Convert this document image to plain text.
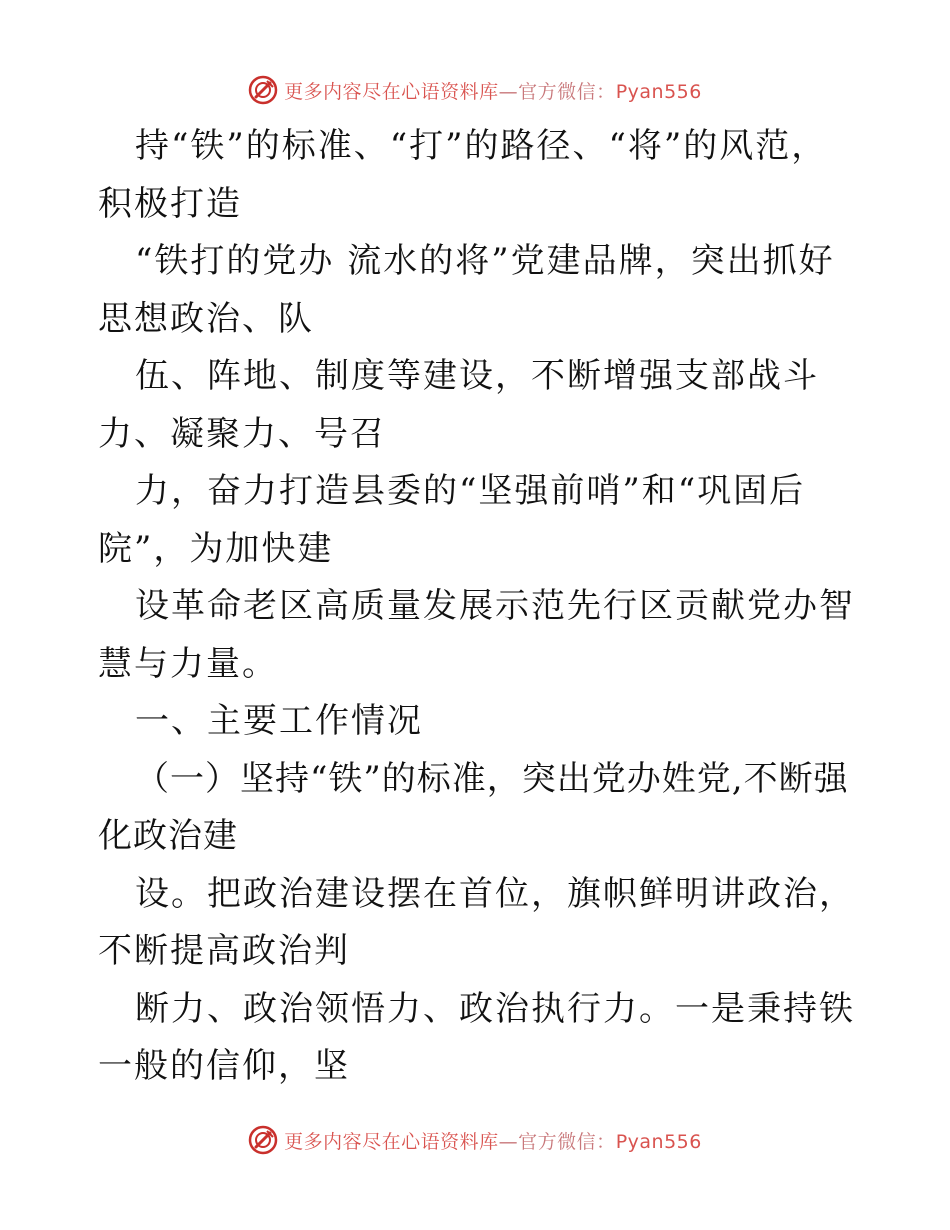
更多内容尽在心语资料库—官方微信：Pyan556

持“铁”的标准、“打”的路径、“将”的风范，积极打造

“铁打的党办 流水的将”党建品牌，突出抓好思想政治、队

伍、阵地、制度等建设，不断增强支部战斗力、凝聚力、号召

力，奋力打造县委的“坚强前哨”和“巩固后院”，为加快建

设革命老区高质量发展示范先行区贡献党办智慧与力量。

一、主要工作情况

（一）坚持“铁”的标准，突出党办姓党,不断强化政治建

设。把政治建设摆在首位，旗帜鲜明讲政治，不断提高政治判

断力、政治领悟力、政治执行力。一是秉持铁一般的信仰，坚

更多内容尽在心语资料库—官方微信：Pyan556
